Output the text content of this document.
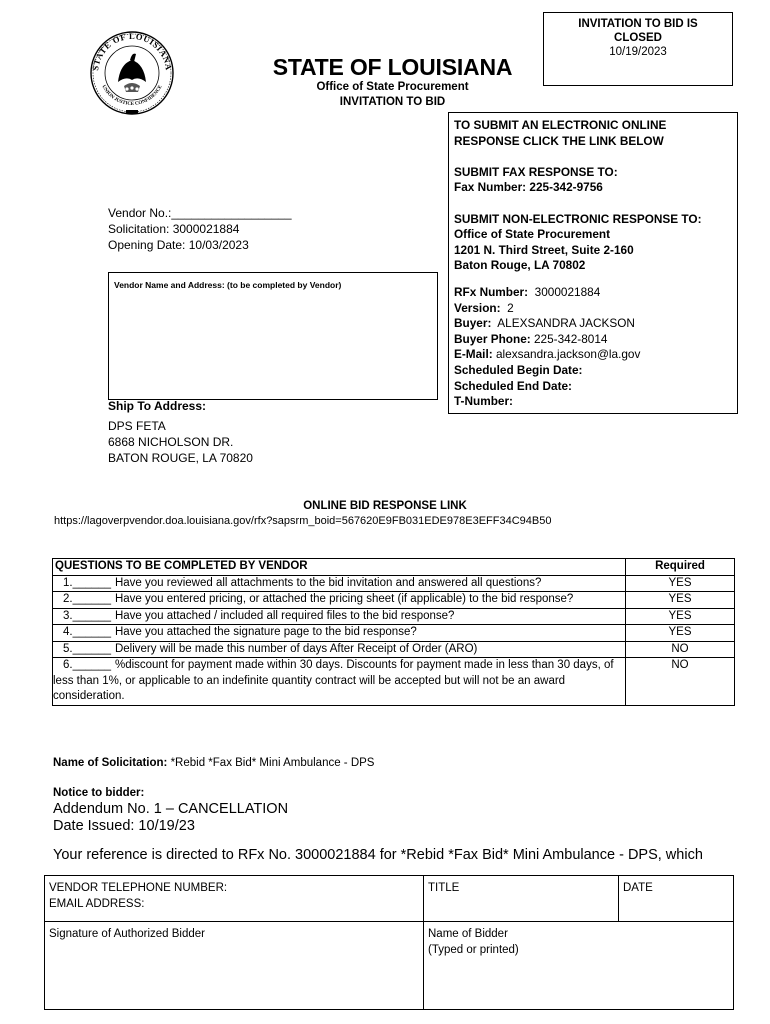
STATE OF LOUISIANA
UNION JUSTICE CONFIDENCE
STATE OF LOUISIANA
Office of State Procurement
INVITATION TO BID
INVITATION TO BID IS
CLOSED
10/19/2023
TO SUBMIT AN ELECTRONIC ONLINE
RESPONSE CLICK THE LINK BELOW
SUBMIT FAX RESPONSE TO:
Fax Number: 225-342-9756
SUBMIT NON-ELECTRONIC RESPONSE TO:
Office of State Procurement
1201 N. Third Street, Suite 2-160
Baton Rouge, LA 70802
RFx Number: 3000021884
Version: 2
Buyer: ALEXSANDRA JACKSON
Buyer Phone: 225-342-8014
E-Mail: alexsandra.jackson@la.gov
Scheduled Begin Date:
Scheduled End Date:
T-Number:
Vendor No.:__________________
Solicitation: 3000021884
Opening Date: 10/03/2023
Vendor Name and Address: (to be completed by Vendor)
Ship To Address:
DPS FETA
6868 NICHOLSON DR.
BATON ROUGE, LA 70820
ONLINE BID RESPONSE LINK
https://lagoverpvendor.doa.louisiana.gov/rfx?sapsrm_boid=567620E9FB031EDE978E3EFF34C94B50
QUESTIONS TO BE COMPLETED BY VENDOR	Required
1.______ Have you reviewed all attachments to the bid invitation and answered all questions?	YES
2.______ Have you entered pricing, or attached the pricing sheet (if applicable) to the bid response?	YES
3.______ Have you attached / included all required files to the bid response?	YES
4.______ Have you attached the signature page to the bid response?	YES
5.______ Delivery will be made this number of days After Receipt of Order (ARO)	NO
6.______ %discount for payment made within 30 days. Discounts for payment made in less than 30 days, of less than 1%, or applicable to an indefinite quantity contract will be accepted but will not be an award consideration.	NO
Name of Solicitation: *Rebid *Fax Bid* Mini Ambulance - DPS
Notice to bidder:
Addendum No. 1 – CANCELLATION
Date Issued: 10/19/23
Your reference is directed to RFx No. 3000021884 for *Rebid *Fax Bid* Mini Ambulance - DPS, which
VENDOR TELEPHONE NUMBER:
EMAIL ADDRESS:	TITLE	DATE
Signature of Authorized Bidder	Name of Bidder
(Typed or printed)	
